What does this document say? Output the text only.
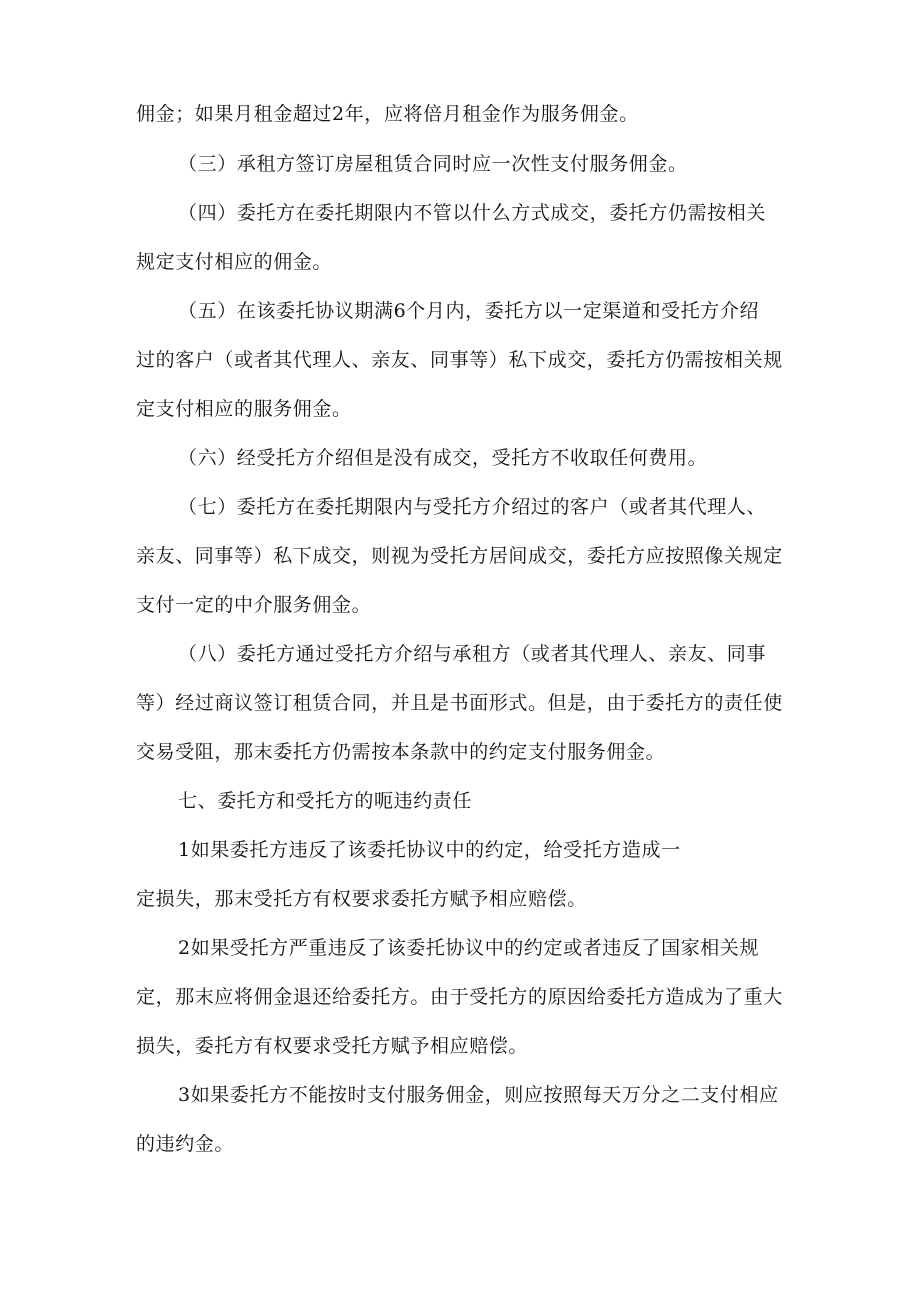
佣金；如果月租金超过2年，应将倍月租金作为服务佣金。
（三）承租方签订房屋租赁合同时应一次性支付服务佣金。
（四）委托方在委托期限内不管以什么方式成交，委托方仍需按相关
规定支付相应的佣金。
（五）在该委托协议期满6个月内，委托方以一定渠道和受托方介绍
过的客户（或者其代理人、亲友、同事等）私下成交，委托方仍需按相关规
定支付相应的服务佣金。
（六）经受托方介绍但是没有成交，受托方不收取任何费用。
（七）委托方在委托期限内与受托方介绍过的客户（或者其代理人、
亲友、同事等）私下成交，则视为受托方居间成交，委托方应按照像关规定
支付一定的中介服务佣金。
（八）委托方通过受托方介绍与承租方（或者其代理人、亲友、同事
等）经过商议签订租赁合同，并且是书面形式。但是，由于委托方的责任使
交易受阻，那末委托方仍需按本条款中的约定支付服务佣金。
七、委托方和受托方的呃违约责任
1如果委托方违反了该委托协议中的约定，给受托方造成一
定损失，那末受托方有权要求委托方赋予相应赔偿。
2如果受托方严重违反了该委托协议中的约定或者违反了国家相关规
定，那末应将佣金退还给委托方。由于受托方的原因给委托方造成为了重大
损失，委托方有权要求受托方赋予相应赔偿。
3如果委托方不能按时支付服务佣金，则应按照每天万分之二支付相应
的违约金。
